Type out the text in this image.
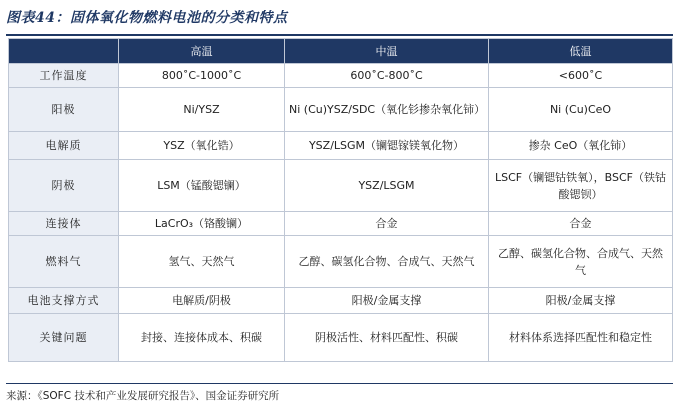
图表44：固体氧化物燃料电池的分类和特点
	高温	中温	低温
工作温度	800˚C-1000˚C	600˚C-800˚C	<600˚C
阳极	Ni/YSZ	Ni (Cu)YSZ/SDC（氧化钐掺杂氧化铈）	Ni (Cu)CeO
电解质	YSZ（氧化锆）	YSZ/LSGM（镧锶镓镁氧化物）	掺杂 CeO（氧化铈）
阴极	LSM（锰酸锶镧）	YSZ/LSGM	LSCF（镧锶钴铁氧），BSCF（铁钴酸锶钡）
连接体	LaCrO₃（铬酸镧）	合金	合金
燃料气	氢气、天然气	乙醇、碳氢化合物、合成气、天然气	乙醇、碳氢化合物、合成气、天然气
电池支撑方式	电解质/阴极	阳极/金属支撑	阳极/金属支撑
关键问题	封接、连接体成本、积碳	阴极活性、材料匹配性、积碳	材料体系选择匹配性和稳定性
来源：《SOFC 技术和产业发展研究报告》、国金证券研究所
